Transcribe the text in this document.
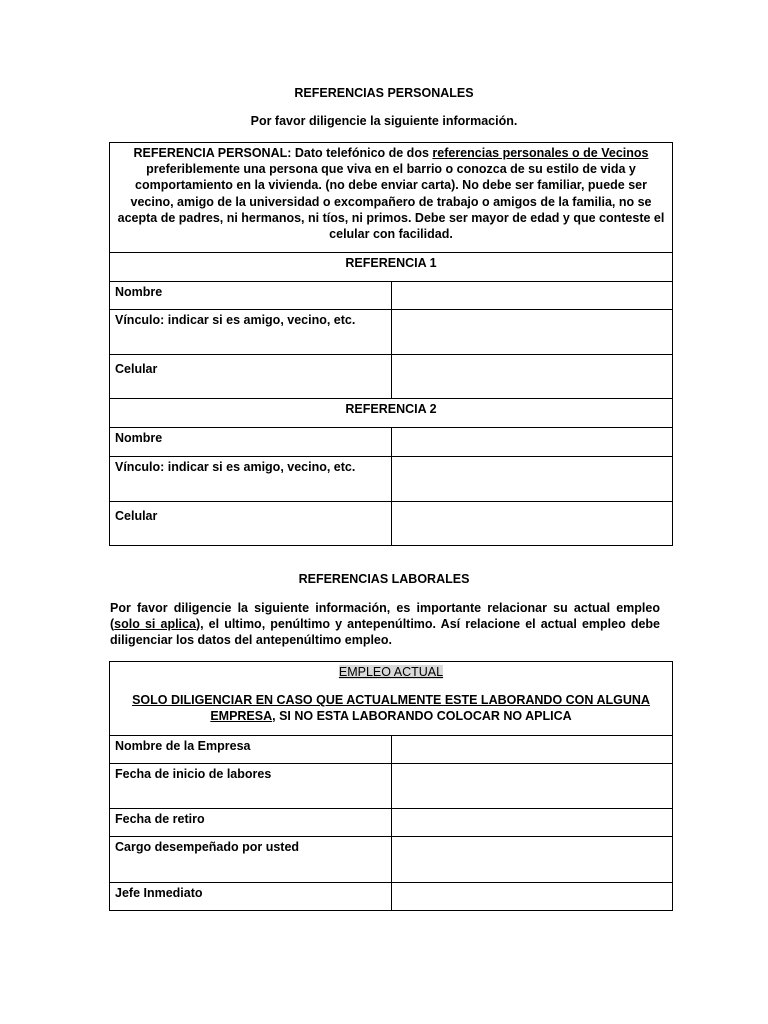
REFERENCIAS PERSONALES
Por favor diligencie la siguiente información.
REFERENCIA PERSONAL: Dato telefónico de dos referencias personales o de Vecinos preferiblemente una persona que viva en el barrio o conozca de su estilo de vida y comportamiento en la vivienda. (no debe enviar carta). No debe ser familiar, puede ser vecino, amigo de la universidad o excompañero de trabajo o amigos de la familia, no se acepta de padres, ni hermanos, ni tíos, ni primos. Debe ser mayor de edad y que conteste el celular con facilidad.	
REFERENCIA 1	
Nombre	
Vínculo: indicar si es amigo, vecino, etc.	
Celular	
REFERENCIA 2	
Nombre	
Vínculo: indicar si es amigo, vecino, etc.	
Celular	
REFERENCIAS LABORALES
Por favor diligencie la siguiente información, es importante relacionar su actual empleo (solo si aplica), el ultimo, penúltimo y antepenúltimo. Así relacione el actual empleo debe diligenciar los datos del antepenúltimo empleo.
EMPLEO ACTUAL
SOLO DILIGENCIAR EN CASO QUE ACTUALMENTE ESTE LABORANDO CON ALGUNA EMPRESA, SI NO ESTA LABORANDO COLOCAR NO APLICA	

Nombre de la Empresa	
Fecha de inicio de labores	
Fecha de retiro	
Cargo desempeñado por usted	
Jefe Inmediato	
